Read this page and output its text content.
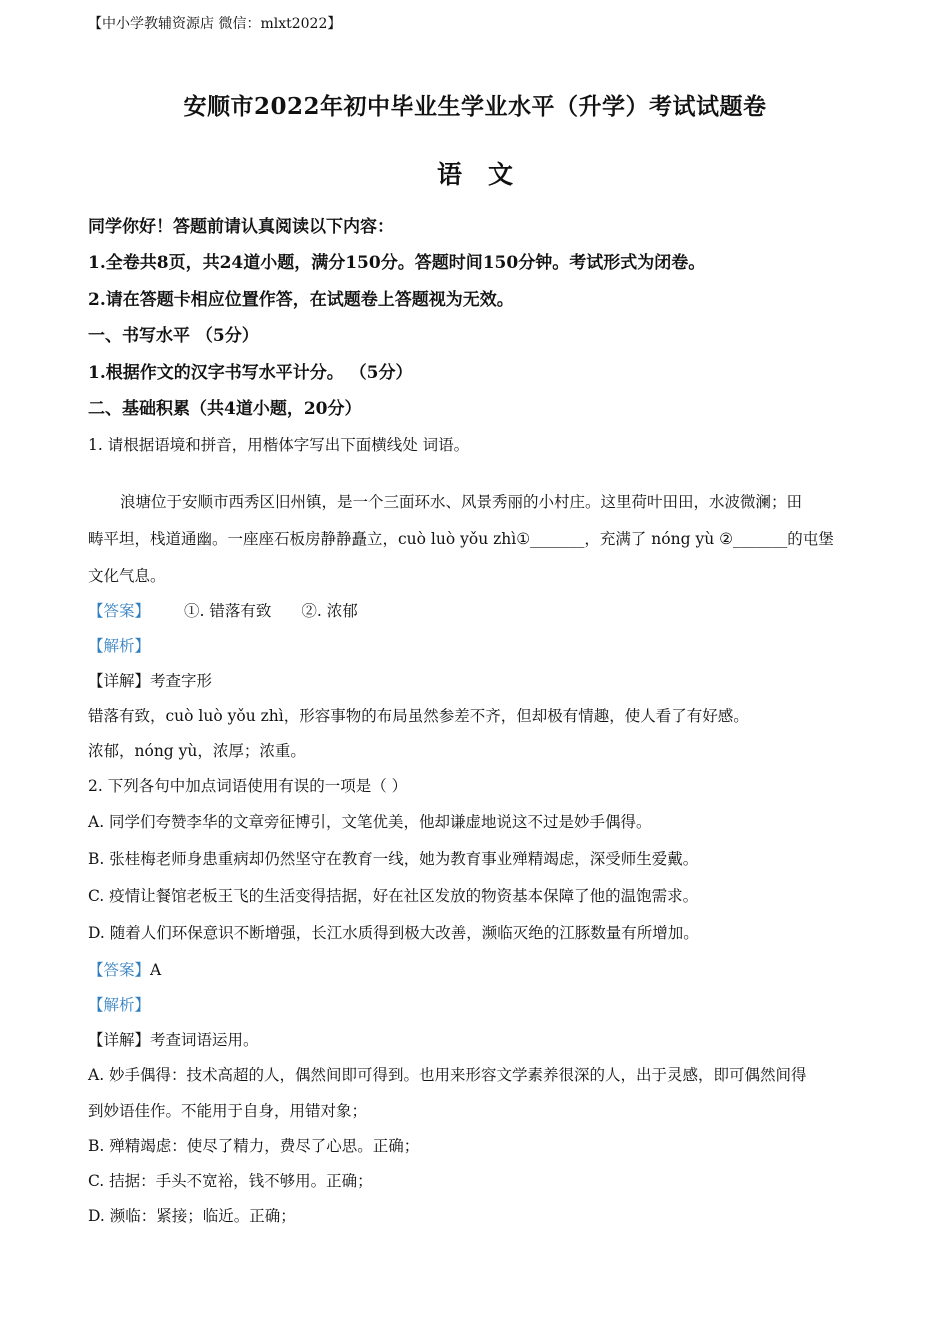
【中小学教辅资源店 微信：mlxt2022】
安顺市2022年初中毕业生学业水平（升学）考试试题卷
语文
同学你好！答题前请认真阅读以下内容：
1.全卷共8页，共24道小题，满分150分。答题时间150分钟。考试形式为闭卷。
2.请在答题卡相应位置作答，在试题卷上答题视为无效。
一、书写水平 （5分）
1.根据作文的汉字书写水平计分。 （5分）
二、基础积累（共4道小题，20分）
1. 请根据语境和拼音，用楷体字写出下面横线处 词语。
浪塘位于安顺市西秀区旧州镇，是一个三面环水、风景秀丽的小村庄。这里荷叶田田，水波微澜；田
畴平坦，栈道通幽。一座座石板房静静矗立，cuò luò yǒu zhì①_______，充满了 nóng yù ②_______的屯堡
文化气息。
【答案】 ①. 错落有致 ②. 浓郁
【解析】
【详解】考查字形
错落有致，cuò luò yǒu zhì，形容事物的布局虽然参差不齐，但却极有情趣，使人看了有好感。
浓郁，nóng yù，浓厚；浓重。
2. 下列各句中加点词语使用有误的一项是（ ）
A. 同学们夸赞李华的文章旁征博引，文笔优美，他却谦虚地说这不过是妙手偶得。
B. 张桂梅老师身患重病却仍然坚守在教育一线，她为教育事业殚精竭虑，深受师生爱戴。
C. 疫情让餐馆老板王飞的生活变得拮据，好在社区发放的物资基本保障了他的温饱需求。
D. 随着人们环保意识不断增强，长江水质得到极大改善，濒临灭绝的江豚数量有所增加。
【答案】A
【解析】
【详解】考查词语运用。
A. 妙手偶得：技术高超的人，偶然间即可得到。也用来形容文学素养很深的人，出于灵感，即可偶然间得
到妙语佳作。不能用于自身，用错对象；
B. 殚精竭虑：使尽了精力，费尽了心思。正确；
C. 拮据：手头不宽裕，钱不够用。正确；
D. 濒临：紧接；临近。正确；
